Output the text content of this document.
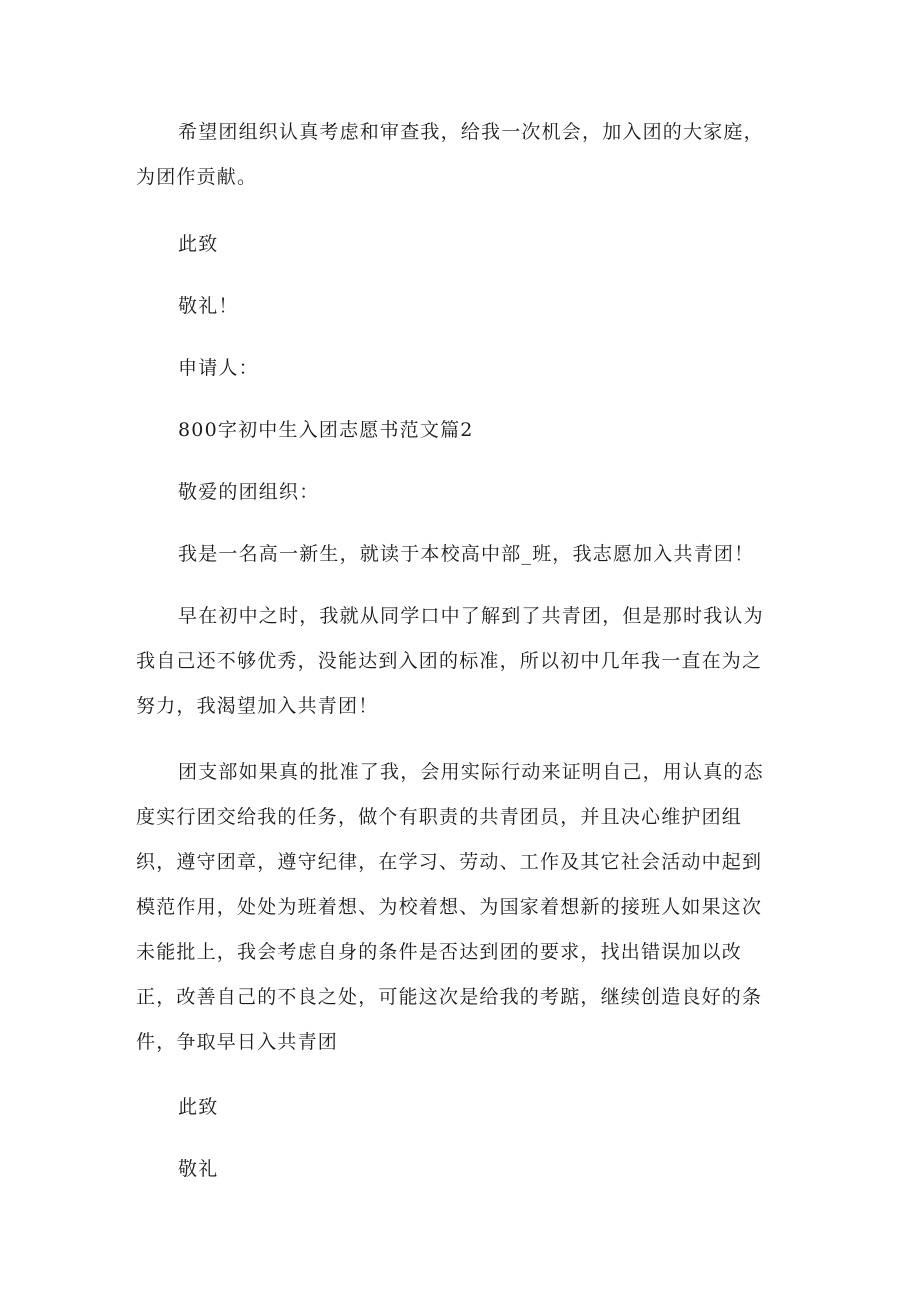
希望团组织认真考虑和审查我，给我一次机会，加入团的大家庭，为团作贡献。

此致

敬礼！

申请人：

800字初中生入团志愿书范文篇2

敬爱的团组织：

我是一名高一新生，就读于本校高中部_班，我志愿加入共青团！

早在初中之时，我就从同学口中了解到了共青团，但是那时我认为我自己还不够优秀，没能达到入团的标准，所以初中几年我一直在为之努力，我渴望加入共青团！

团支部如果真的批准了我，会用实际行动来证明自己，用认真的态度实行团交给我的任务，做个有职责的共青团员，并且决心维护团组织，遵守团章，遵守纪律，在学习、劳动、工作及其它社会活动中起到模范作用，处处为班着想、为校着想、为国家着想新的接班人如果这次未能批上，我会考虑自身的条件是否达到团的要求，找出错误加以改正，改善自己的不良之处，可能这次是给我的考踮，继续创造良好的条件，争取早日入共青团

此致

敬礼
